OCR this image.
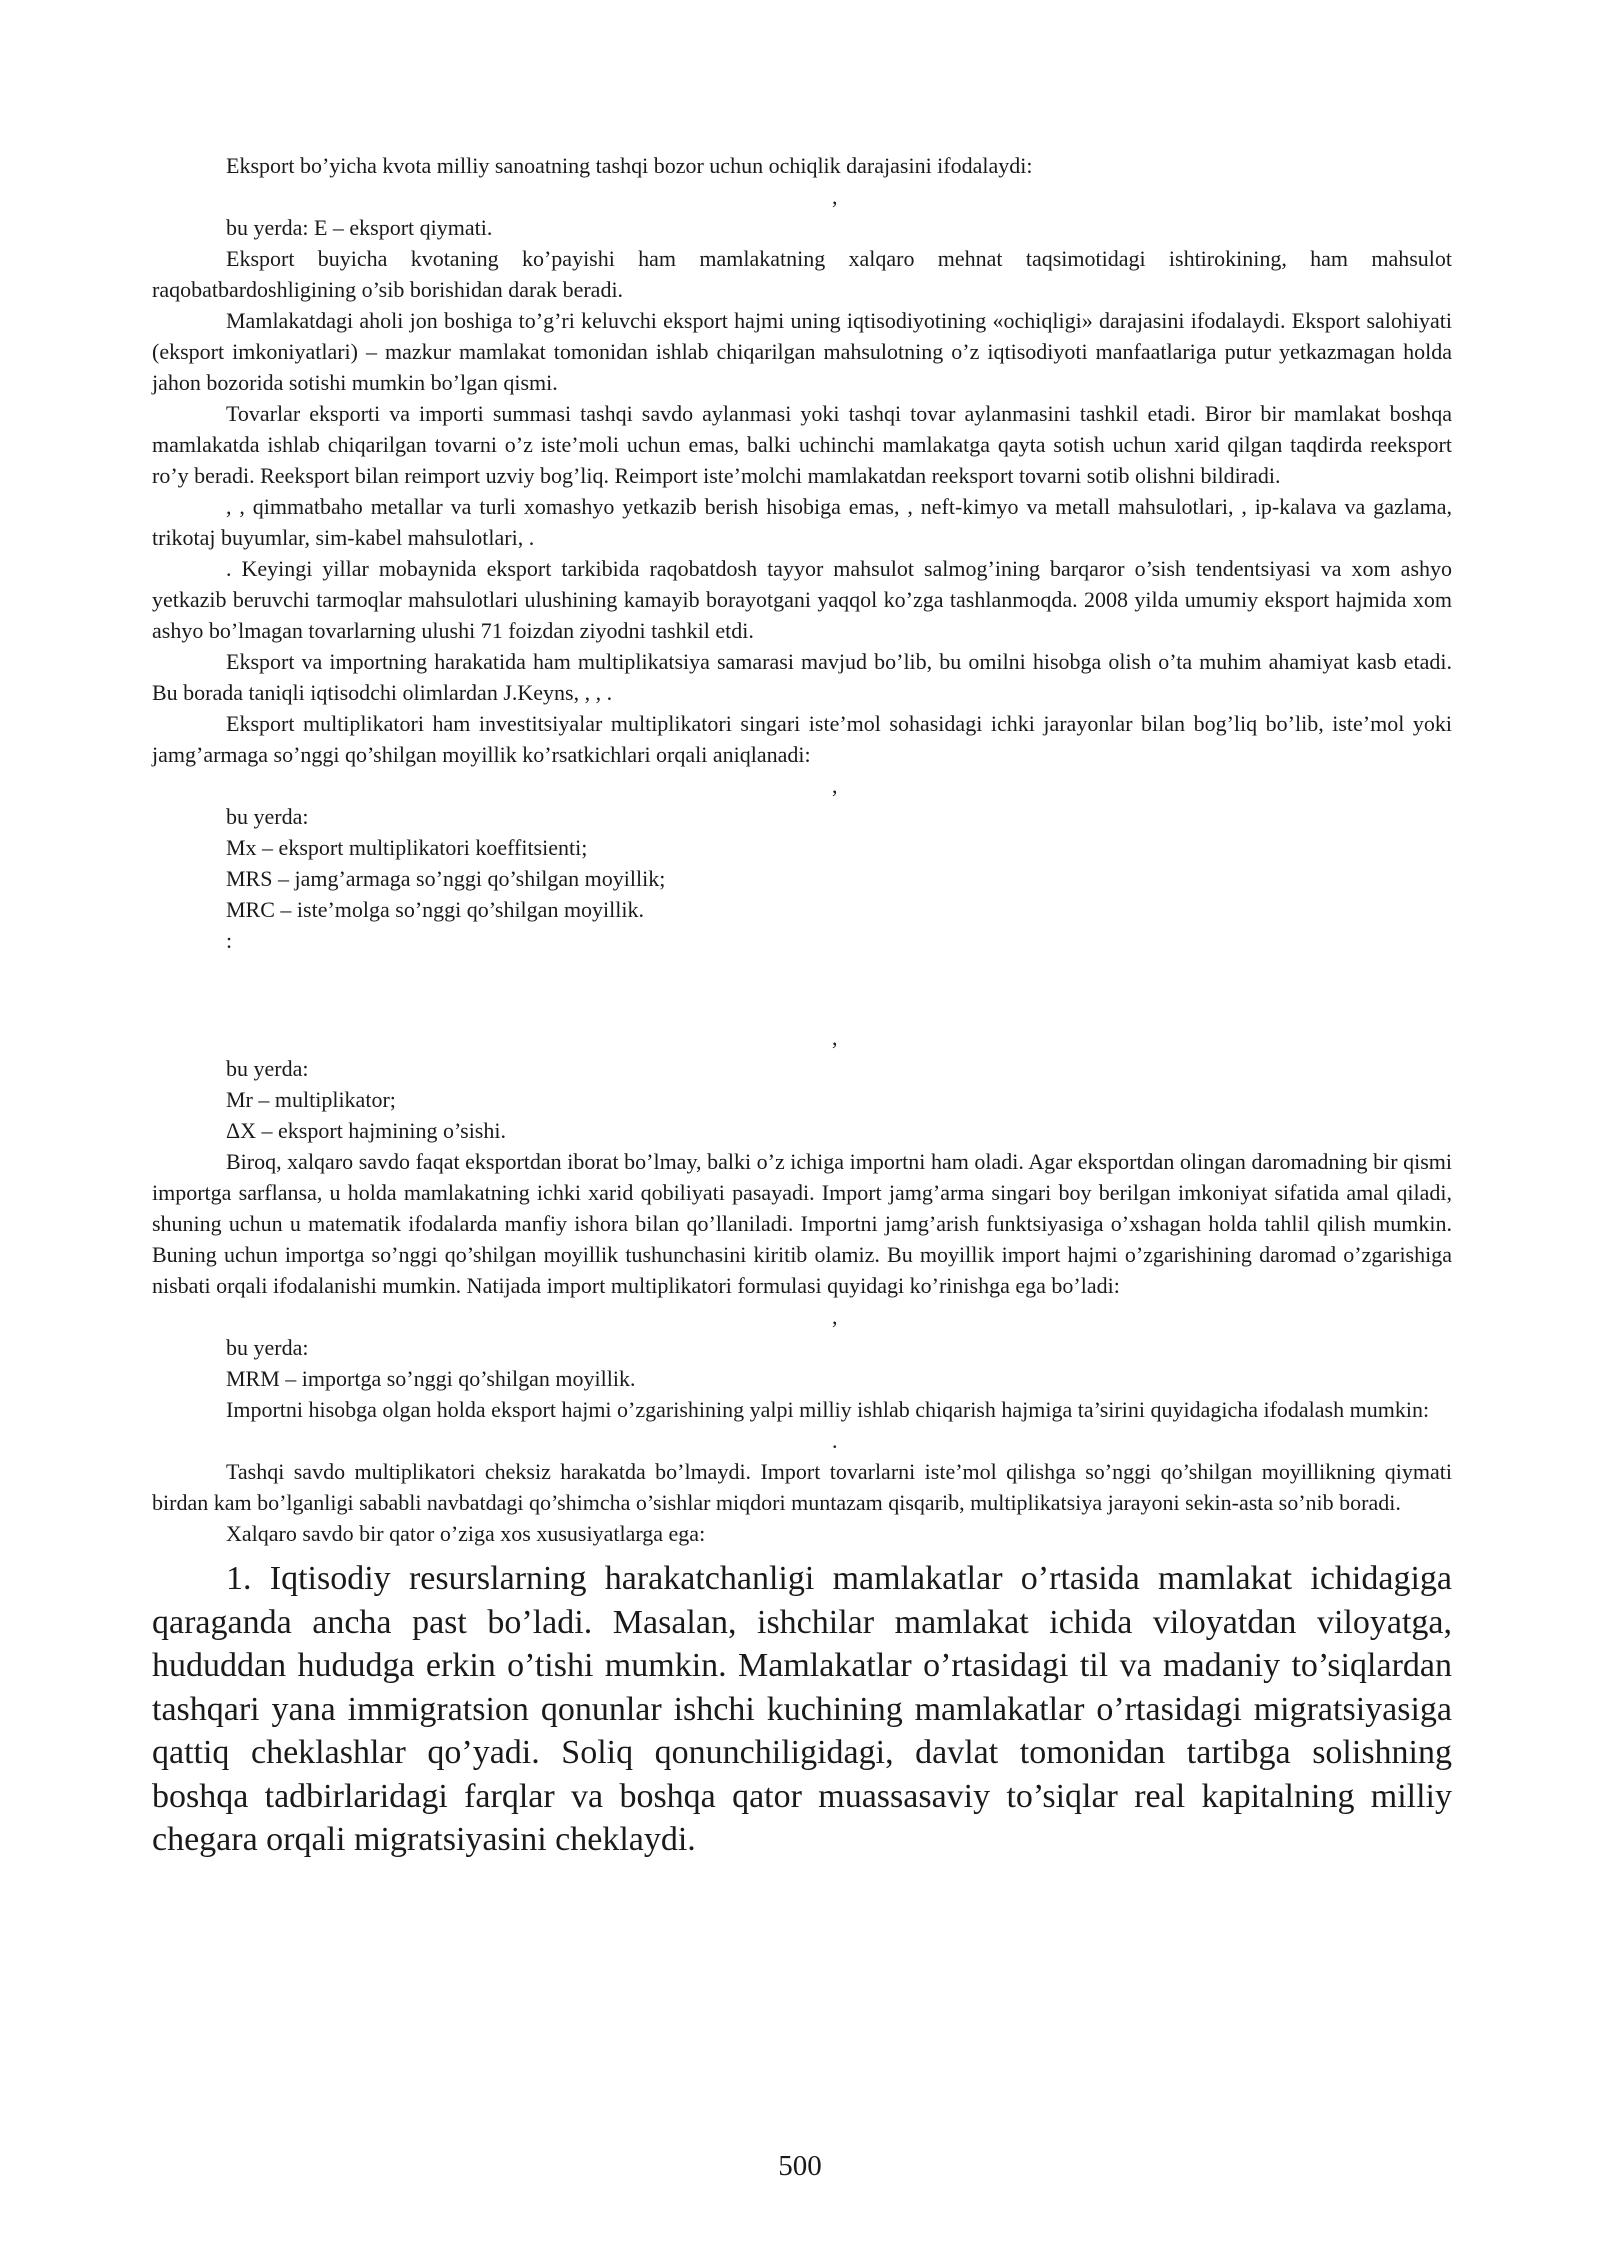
Eksport bo’yicha kvota milliy sanoatning tashqi bozor uchun ochiqlik darajasini ifodalaydi:

,

bu yerda: E – eksport qiymati.

Eksport buyicha kvotaning ko’payishi ham mamlakatning xalqaro mehnat taqsimotidagi ishtirokining, ham mahsulot raqobatbardoshligining o’sib borishidan darak beradi.

Mamlakatdagi aholi jon boshiga to’g’ri keluvchi eksport hajmi uning iqtisodiyotining «ochiqligi» darajasini ifodalaydi. Eksport salohiyati (eksport imkoniyatlari) – mazkur mamlakat tomonidan ishlab chiqarilgan mahsulotning o’z iqtisodiyoti manfaatlariga putur yetkazmagan holda jahon bozorida sotishi mumkin bo’lgan qismi.

Tovarlar eksporti va importi summasi tashqi savdo aylanmasi yoki tashqi tovar aylanmasini tashkil etadi. Biror bir mamlakat boshqa mamlakatda ishlab chiqarilgan tovarni o’z iste’moli uchun emas, balki uchinchi mamlakatga qayta sotish uchun xarid qilgan taqdirda reeksport ro’y beradi. Reeksport bilan reimport uzviy bog’liq. Reimport iste’molchi mamlakatdan reeksport tovarni sotib olishni bildiradi.

, , qimmatbaho metallar va turli xomashyo yetkazib berish hisobiga emas, , neft-kimyo va metall mahsulotlari, , ip-kalava va gazlama, trikotaj buyumlar, sim-kabel mahsulotlari, .

. Keyingi yillar mobaynida eksport tarkibida raqobatdosh tayyor mahsulot salmog’ining barqaror o’sish tendentsiyasi va xom ashyo yetkazib beruvchi tarmoqlar mahsulotlari ulushining kamayib borayotgani yaqqol ko’zga tashlanmoqda. 2008 yilda umumiy eksport hajmida xom ashyo bo’lmagan tovarlarning ulushi 71 foizdan ziyodni tashkil etdi.

Eksport va importning harakatida ham multiplikatsiya samarasi mavjud bo’lib, bu omilni hisobga olish o’ta muhim ahamiyat kasb etadi. Bu borada taniqli iqtisodchi olimlardan J.Keyns, , , .

Eksport multiplikatori ham investitsiyalar multiplikatori singari iste’mol sohasidagi ichki jarayonlar bilan bog’liq bo’lib, iste’mol yoki jamg’armaga so’nggi qo’shilgan moyillik ko’rsatkichlari orqali aniqlanadi:

,

bu yerda:

Mx – eksport multiplikatori koeffitsienti;

MRS – jamg’armaga so’nggi qo’shilgan moyillik;

MRC – iste’molga so’nggi qo’shilgan moyillik.

:

,

bu yerda:

Mr – multiplikator;

ΔX – eksport hajmining o’sishi.

Biroq, xalqaro savdo faqat eksportdan iborat bo’lmay, balki o’z ichiga importni ham oladi. Agar eksportdan olingan daromadning bir qismi importga sarflansa, u holda mamlakatning ichki xarid qobiliyati pasayadi. Import jamg’arma singari boy berilgan imkoniyat sifatida amal qiladi, shuning uchun u matematik ifodalarda manfiy ishora bilan qo’llaniladi. Importni jamg’arish funktsiyasiga o’xshagan holda tahlil qilish mumkin. Buning uchun importga so’nggi qo’shilgan moyillik tushunchasini kiritib olamiz. Bu moyillik import hajmi o’zgarishining daromad o’zgarishiga nisbati orqali ifodalanishi mumkin. Natijada import multiplikatori formulasi quyidagi ko’rinishga ega bo’ladi:

,

bu yerda:

MRM – importga so’nggi qo’shilgan moyillik.

Importni hisobga olgan holda eksport hajmi o’zgarishining yalpi milliy ishlab chiqarish hajmiga ta’sirini quyidagicha ifodalash mumkin:

.

Tashqi savdo multiplikatori cheksiz harakatda bo’lmaydi. Import tovarlarni iste’mol qilishga so’nggi qo’shilgan moyillikning qiymati birdan kam bo’lganligi sababli navbatdagi qo’shimcha o’sishlar miqdori muntazam qisqarib, multiplikatsiya jarayoni sekin-asta so’nib boradi.

Xalqaro savdo bir qator o’ziga xos xususiyatlarga ega:

1. Iqtisodiy resurslarning harakatchanligi mamlakatlar o’rtasida mamlakat ichidagiga qaraganda ancha past bo’ladi. Masalan, ishchilar mamlakat ichida viloyatdan viloyatga, hududdan hududga erkin o’tishi mumkin. Mamlakatlar o’rtasidagi til va madaniy to’siqlardan tashqari yana immigratsion qonunlar ishchi kuchining mamlakatlar o’rtasidagi migratsiyasiga qattiq cheklashlar qo’yadi. Soliq qonunchiligidagi, davlat tomonidan tartibga solishning boshqa tadbirlaridagi farqlar va boshqa qator muassasaviy to’siqlar real kapitalning milliy chegara orqali migratsiyasini cheklaydi.

500
